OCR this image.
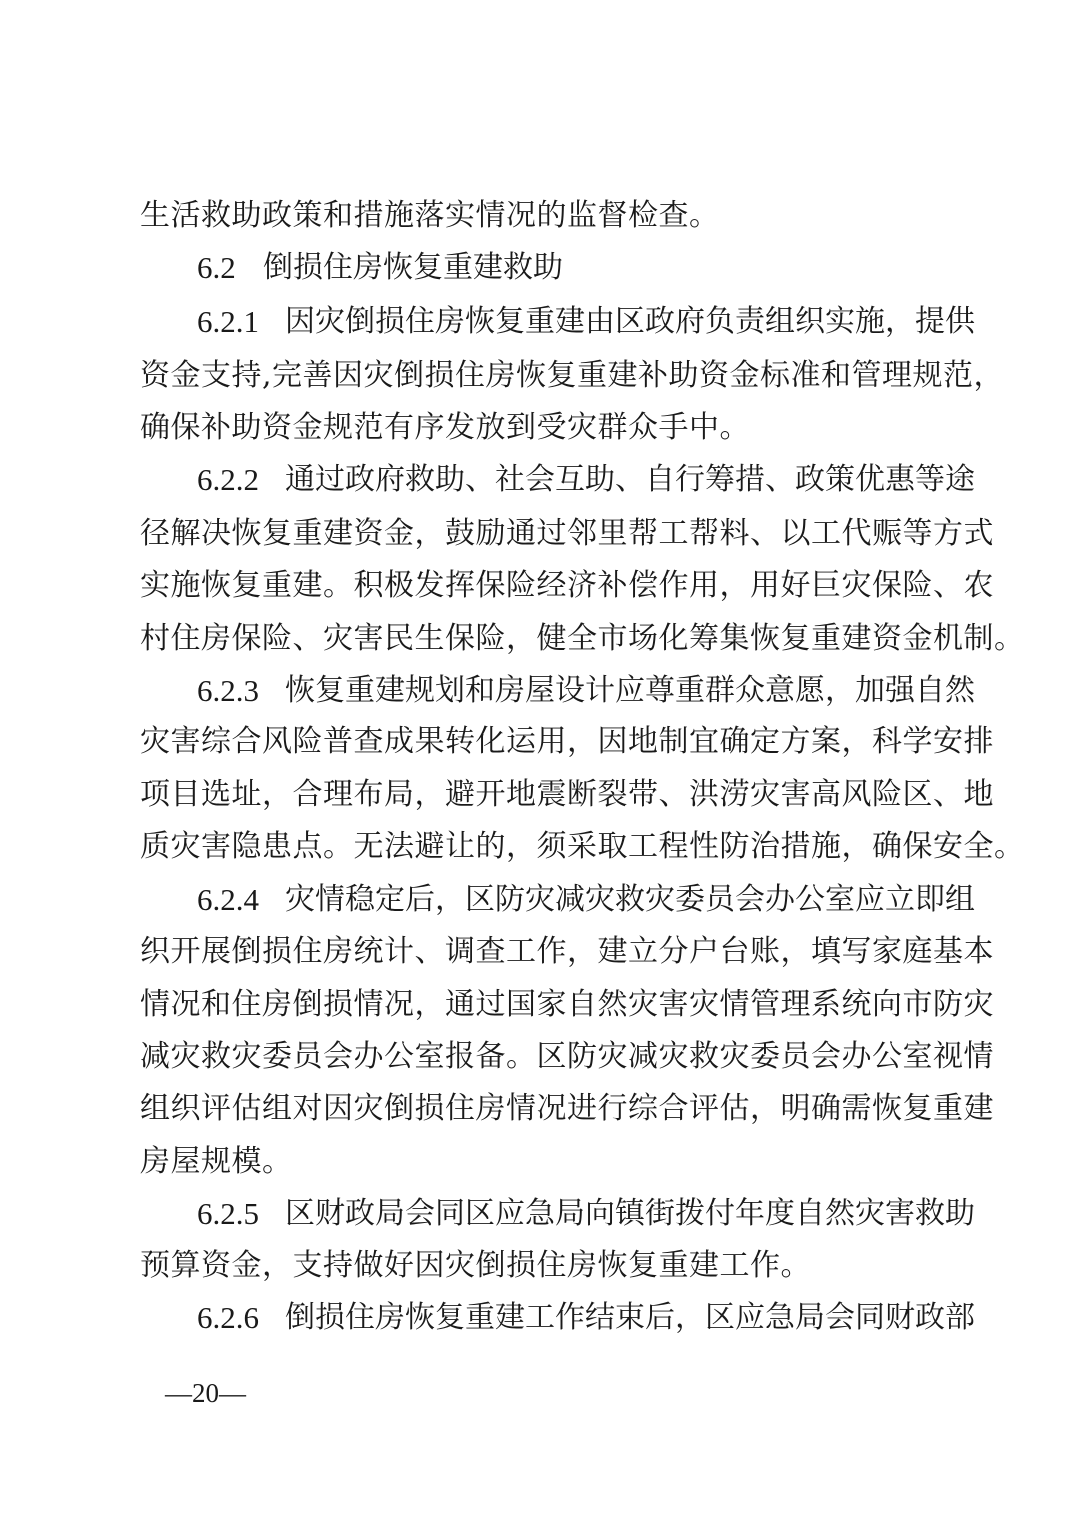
生活救助政策和措施落实情况的监督检查。
6.2 倒损住房恢复重建救助
6.2.1 因灾倒损住房恢复重建由区政府负责组织实施，提供
资金支持,完善因灾倒损住房恢复重建补助资金标准和管理规范，
确保补助资金规范有序发放到受灾群众手中。
6.2.2 通过政府救助、社会互助、自行筹措、政策优惠等途
径解决恢复重建资金，鼓励通过邻里帮工帮料、以工代赈等方式
实施恢复重建。积极发挥保险经济补偿作用，用好巨灾保险、农
村住房保险、灾害民生保险，健全市场化筹集恢复重建资金机制。
6.2.3 恢复重建规划和房屋设计应尊重群众意愿，加强自然
灾害综合风险普查成果转化运用，因地制宜确定方案，科学安排
项目选址，合理布局，避开地震断裂带、洪涝灾害高风险区、地
质灾害隐患点。无法避让的，须采取工程性防治措施，确保安全。
6.2.4 灾情稳定后，区防灾减灾救灾委员会办公室应立即组
织开展倒损住房统计、调查工作，建立分户台账，填写家庭基本
情况和住房倒损情况，通过国家自然灾害灾情管理系统向市防灾
减灾救灾委员会办公室报备。区防灾减灾救灾委员会办公室视情
组织评估组对因灾倒损住房情况进行综合评估，明确需恢复重建
房屋规模。
6.2.5 区财政局会同区应急局向镇街拨付年度自然灾害救助
预算资金，支持做好因灾倒损住房恢复重建工作。
6.2.6 倒损住房恢复重建工作结束后，区应急局会同财政部
—20—
